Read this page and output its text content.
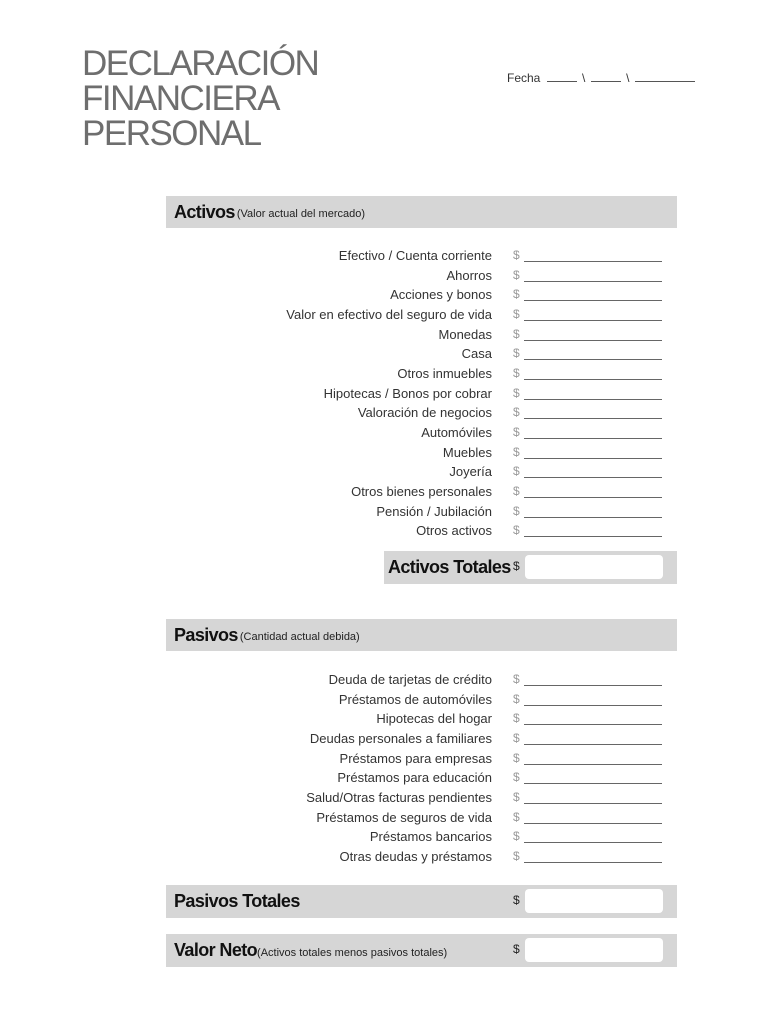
DECLARACIÓN
FINANCIERA
PERSONAL
Fecha	\	\
Activos (Valor actual del mercado)
Efectivo / Cuenta corriente $
Ahorros $
Acciones y bonos $
Valor en efectivo del seguro de vida $
Monedas $
Casa $
Otros inmuebles $
Hipotecas / Bonos por cobrar $
Valoración de negocios $
Automóviles $
Muebles $
Joyería $
Otros bienes personales $
Pensión / Jubilación $
Otros activos $
Activos Totales $
Pasivos (Cantidad actual debida)
Deuda de tarjetas de crédito $
Préstamos de automóviles $
Hipotecas del hogar $
Deudas personales a familiares $
Préstamos para empresas $
Préstamos para educación $
Salud/Otras facturas pendientes $
Préstamos de seguros de vida $
Préstamos bancarios $
Otras deudas y préstamos $
Pasivos Totales	$
Valor Neto(Activos totales menos pasivos totales)	$
